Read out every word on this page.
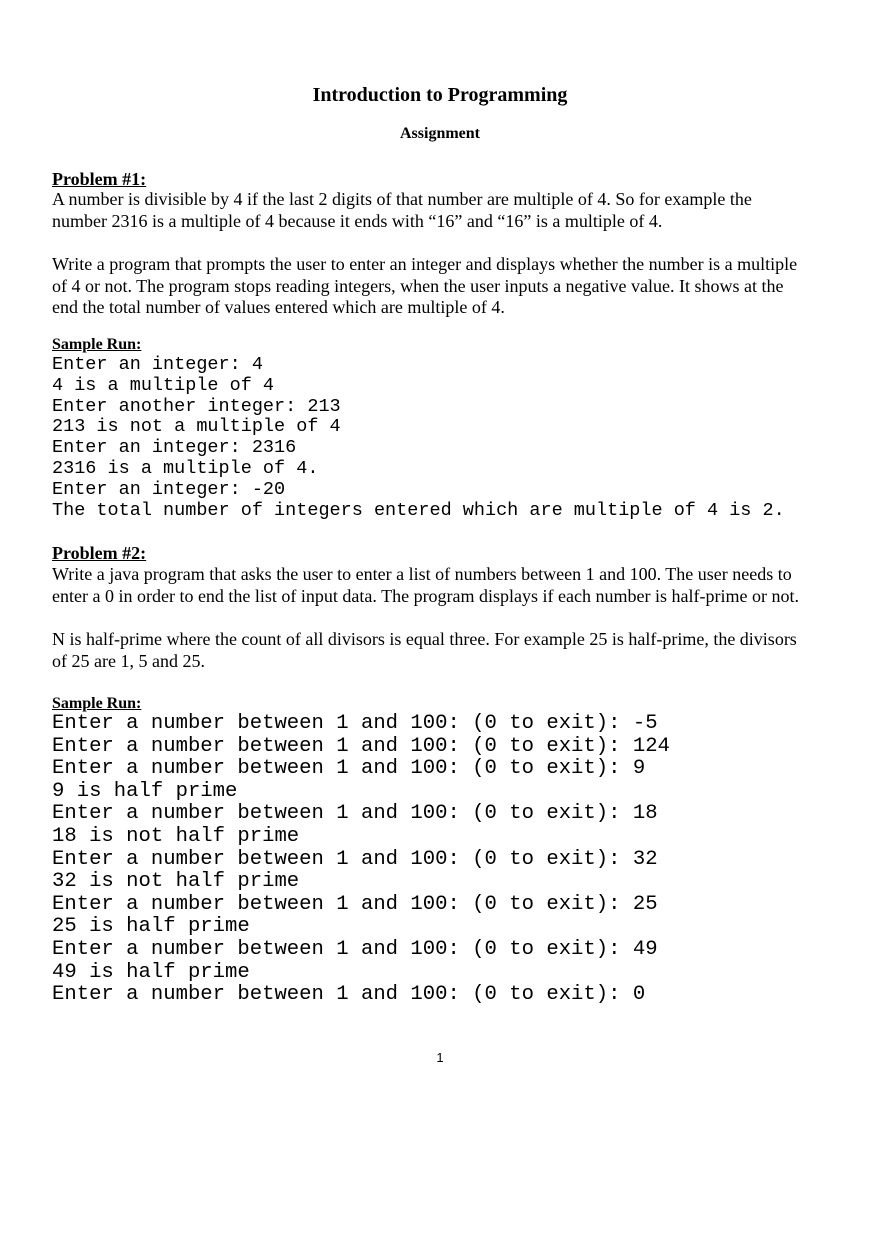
Introduction to Programming
Assignment
Problem #1:

A number is divisible by 4 if the last 2 digits of that number are multiple of 4. So for example the

number 2316 is a multiple of 4 because it ends with “16” and “16” is a multiple of 4.

Write a program that prompts the user to enter an integer and displays whether the number is a multiple

of 4 or not. The program stops reading integers, when the user inputs a negative value. It shows at the

end the total number of values entered which are multiple of 4.

Sample Run:

Enter an integer: 4

4 is a multiple of 4

Enter another integer: 213

213 is not a multiple of 4

Enter an integer: 2316

2316 is a multiple of 4.

Enter an integer: -20

The total number of integers entered which are multiple of 4 is 2.

Problem #2:

Write a java program that asks the user to enter a list of numbers between 1 and 100. The user needs to

enter a 0 in order to end the list of input data. The program displays if each number is half-prime or not.

N is half-prime where the count of all divisors is equal three. For example 25 is half-prime, the divisors

of 25 are 1, 5 and 25.

Sample Run:

Enter a number between 1 and 100: (0 to exit): -5

Enter a number between 1 and 100: (0 to exit): 124

Enter a number between 1 and 100: (0 to exit): 9

9 is half prime

Enter a number between 1 and 100: (0 to exit): 18

18 is not half prime

Enter a number between 1 and 100: (0 to exit): 32

32 is not half prime

Enter a number between 1 and 100: (0 to exit): 25

25 is half prime

Enter a number between 1 and 100: (0 to exit): 49

49 is half prime

Enter a number between 1 and 100: (0 to exit): 0

1
